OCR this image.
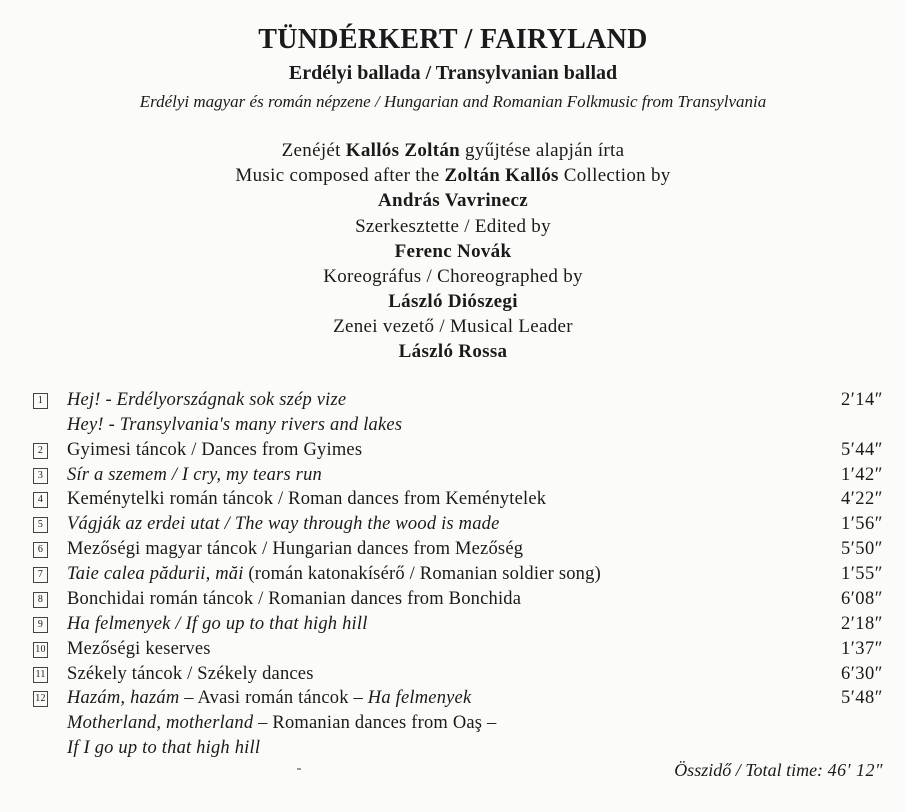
TÜNDÉRKERT / FAIRYLAND
Erdélyi ballada / Transylvanian ballad
Erdélyi magyar és román népzene / Hungarian and Romanian Folkmusic from Transylvania
Zenéjét Kallós Zoltán gyűjtése alapján írta
Music composed after the Zoltán Kallós Collection by
András Vavrinecz
Szerkesztette / Edited by
Ferenc Novák
Koreográfus / Choreographed by
László Diószegi
Zenei vezető / Musical Leader
László Rossa
1 Hej! - Erdélyországnak sok szép vize	2′14″
Hey! - Transylvania's many rivers and lakes
2 Gyimesi táncok / Dances from Gyimes	5′44″
3 Sír a szemem / I cry, my tears run	1′42″
4 Keménytelki román táncok / Roman dances from Keménytelek	4′22″
5 Vágják az erdei utat / The way through the wood is made	1′56″
6 Mezőségi magyar táncok / Hungarian dances from Mezőség	5′50″
7 Taie calea pădurii, măi (román katonakísérő / Romanian soldier song)	1′55″
8 Bonchidai román táncok / Romanian dances from Bonchida	6′08″
9 Ha felmenyek / If go up to that high hill	2′18″
10 Mezőségi keserves	1′37″
11 Székely táncok / Székely dances	6′30″
12 Hazám, hazám – Avasi román táncok – Ha felmenyek	5′48″
Motherland, motherland – Romanian dances from Oaş –
If I go up to that high hill
Összidő / Total time: 46′ 12″
